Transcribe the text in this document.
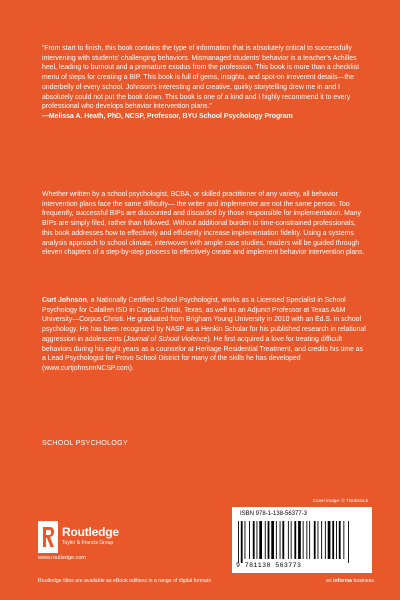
“From start to finish, this book contains the type of information that is absolutely critical to successfully intervening with students’ challenging behaviors. Mismanaged students’ behavior is a teacher’s Achilles heel, leading to burnout and a premature exodus from the profession. This book is more than a checklist menu of steps for creating a BIP. This book is full of gems, insights, and spot-on irreverent details—the underbelly of every school. Johnson’s interesting and creative, quirky storytelling drew me in and I absolutely could not put the book down. This book is one of a kind and I highly recommend it to every professional who develops behavior intervention plans.”
—Melissa A. Heath, PhD, NCSP, Professor, BYU School Psychology Program
Whether written by a school psychologist, BCBA, or skilled practitioner of any variety, all behavior intervention plans face the same difficulty— the writer and implementer are not the same person. Too frequently, successful BIPs are discounted and discarded by those responsible for implementation. Many BIPs are simply filed, rather than followed. Without additional burden to time-constrained professionals, this book addresses how to effectively and efficiently increase implementation fidelity. Using a systems analysis approach to school climate, interwoven with ample case studies, readers will be guided through eleven chapters of a step-by-step process to effectively create and implement behavior intervention plans.
Curt Johnson, a Nationally Certified School Psychologist, works as a Licensed Specialist in School Psychology for Calallen ISD in Corpus Christi, Texas, as well as an Adjunct Professor at Texas A&M University—Corpus Christi. He graduated from Brigham Young University in 2010 with an Ed.S. in school psychology. He has been recognized by NASP as a Henkin Scholar for his published research in relational aggression in adolescents (Journal of School Violence). He first acquired a love for treating difficult behaviors during his eight years as a counselor at Heritage Residential Treatment, and credits his time as a Lead Psychologist for Provo School District for many of the skills he has developed (www.curtjohnsonNCSP.com).
SCHOOL PSYCHOLOGY
Cover image: © Thinkstock
Routledge
Taylor & Francis Group
www.routledge.com
Routledge titles are available as eBook editions in a range of digital formats	an informa business
ISBN 978-1-138-56377-3
9 781138 563773
